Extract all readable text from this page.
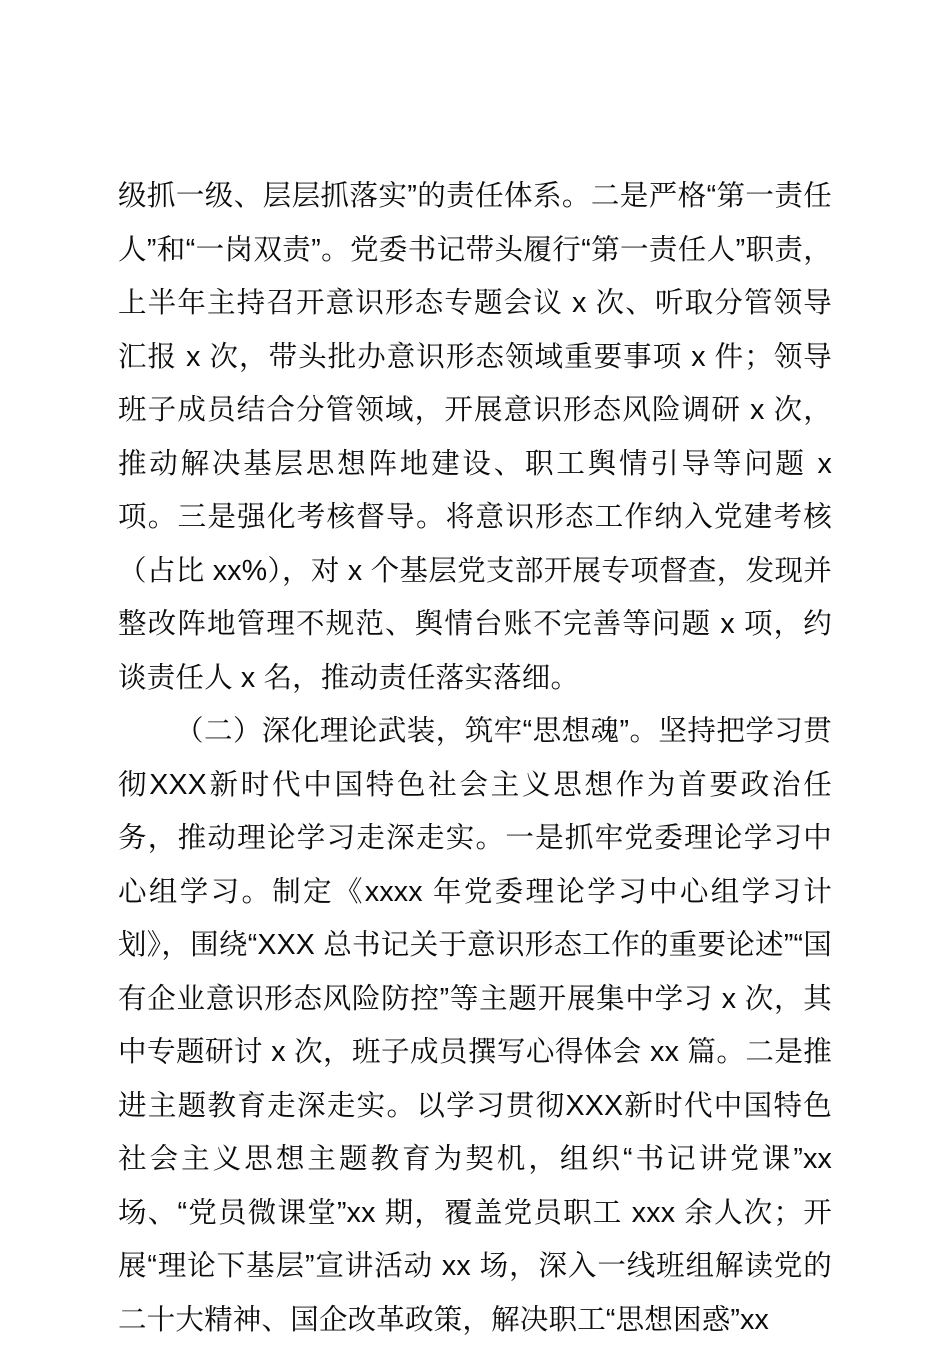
级抓一级、层层抓落实”的责任体系。二是严格“第一责任人”和“一岗双责”。党委书记带头履行“第一责任人”职责，上半年主持召开意识形态专题会议 x 次、听取分管领导汇报 x 次，带头批办意识形态领域重要事项 x 件；领导班子成员结合分管领域，开展意识形态风险调研 x 次，推动解决基层思想阵地建设、职工舆情引导等问题 x 项。三是强化考核督导。将意识形态工作纳入党建考核（占比 xx%），对 x 个基层党支部开展专项督查，发现并整改阵地管理不规范、舆情台账不完善等问题 x 项，约谈责任人 x 名，推动责任落实落细。

（二）深化理论武装，筑牢“思想魂”。坚持把学习贯彻XXX新时代中国特色社会主义思想作为首要政治任务，推动理论学习走深走实。一是抓牢党委理论学习中心组学习。制定《xxxx 年党委理论学习中心组学习计划》，围绕“XXX 总书记关于意识形态工作的重要论述”“国有企业意识形态风险防控”等主题开展集中学习 x 次，其中专题研讨 x 次，班子成员撰写心得体会 xx 篇。二是推进主题教育走深走实。以学习贯彻XXX新时代中国特色社会主义思想主题教育为契机，组织“书记讲党课”xx 场、“党员微课堂”xx 期，覆盖党员职工 xxx 余人次；开展“理论下基层”宣讲活动 xx 场，深入一线班组解读党的二十大精神、国企改革政策，解决职工“思想困惑”xx
